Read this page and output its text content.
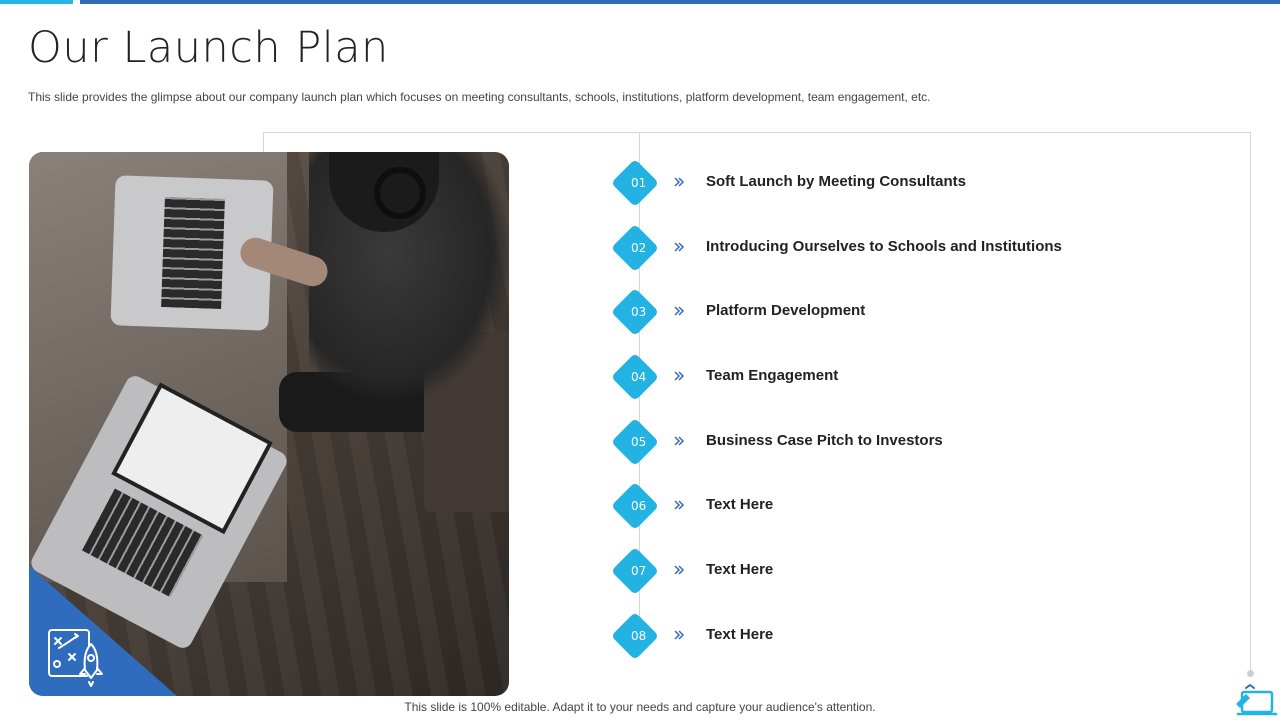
Our Launch Plan

This slide provides the glimpse about our company launch plan which focuses on meeting consultants, schools, institutions, platform development, team engagement, etc.

01	Soft Launch by Meeting Consultants
02	Introducing Ourselves to Schools and Institutions
03	Platform Development
04	Team Engagement
05	Business Case Pitch to Investors
06	Text Here
07	Text Here
08	Text Here
This slide is 100% editable. Adapt it to your needs and capture your audience's attention.
